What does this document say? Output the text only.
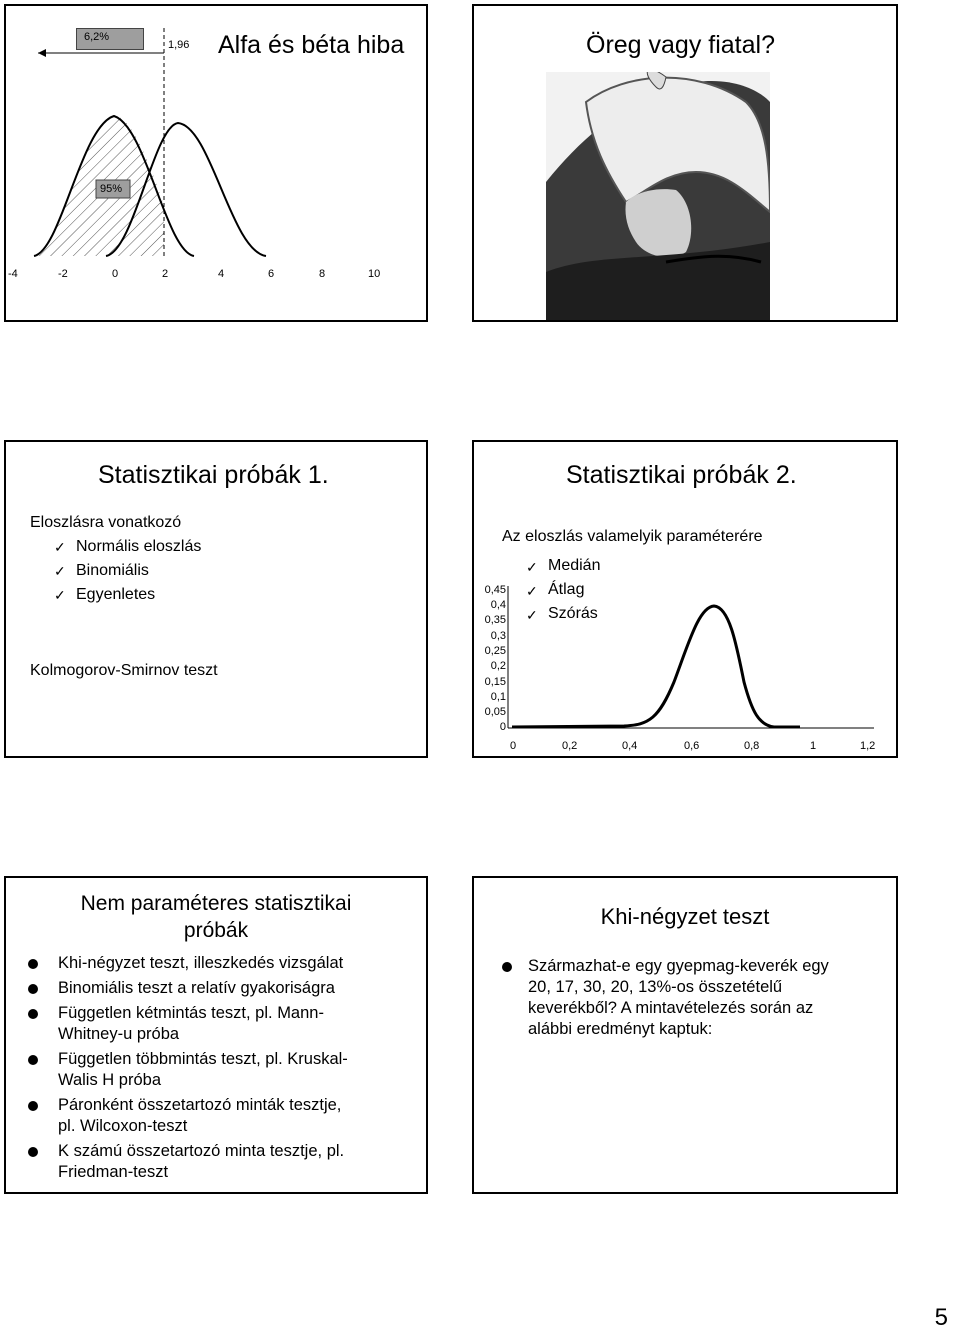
6,2%
1,96 Alfa és béta hiba
95%
-4	-2	0	2	4	6	8	10
Öreg vagy fiatal?
Statisztikai próbák 1.
Eloszlásra vonatkozó
✓ Normális eloszlás
✓ Binomiális
✓ Egyenletes
Kolmogorov-Smirnov teszt
Statisztikai próbák 2.
Az eloszlás valamelyik paraméterére
✓ Medián
✓ Átlag
✓ Szórás
0,45
0,4
0,35
0,3
0,25
0,2
0,15
0,1
0,05
0
0	0,2	0,4	0,6	0,8	1	1,2
Nem paraméteres statisztikai
próbák
Khi-négyzet teszt, illeszkedés vizsgálat
Binomiális teszt a relatív gyakoriságra
Független kétmintás teszt, pl. Mann-
Whitney-u próba
Független többmintás teszt, pl. Kruskal-
Walis H próba
Páronként összetartozó minták tesztje,
pl. Wilcoxon-teszt
K számú összetartozó minta tesztje, pl.
Friedman-teszt
Khi-négyzet teszt
Származhat-e egy gyepmag-keverék egy
20, 17, 30, 20, 13%-os összetételű
keverékből? A mintavételezés során az
alábbi eredményt kaptuk:
5
